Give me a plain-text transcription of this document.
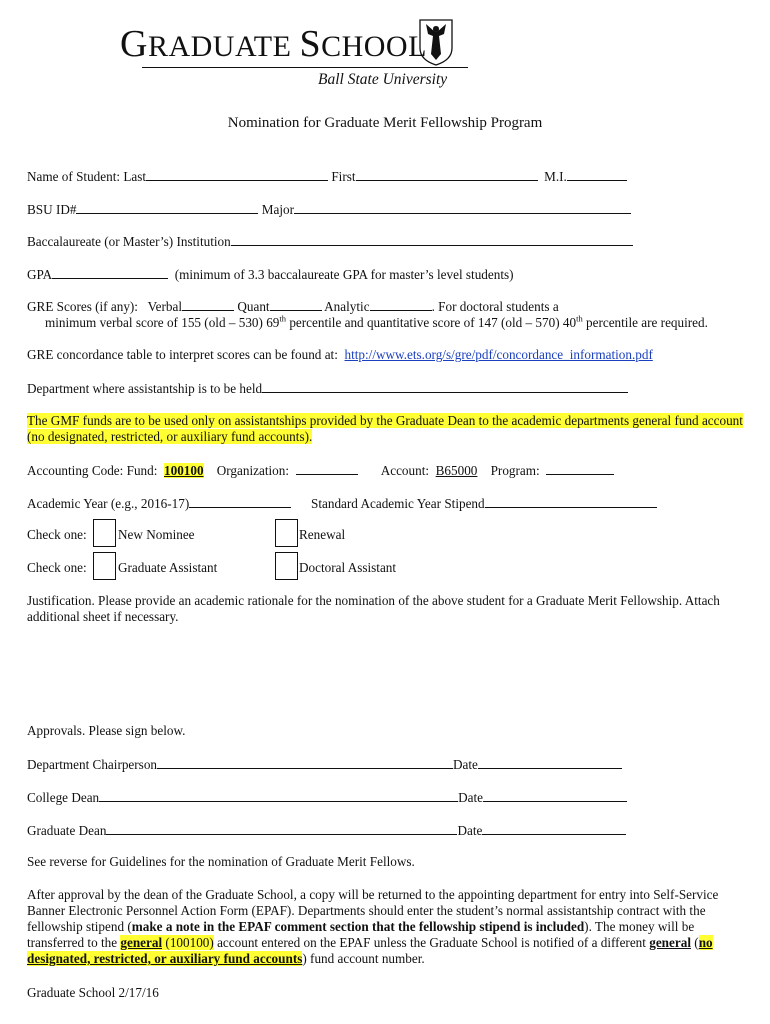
GRADUATE SCHOOL
Ball State University
Nomination for Graduate Merit Fellowship Program
Name of Student: Last	First	M.I.
BSU ID#	Major
Baccalaureate (or Master’s) Institution
GPA	(minimum of 3.3 baccalaureate GPA for master’s level students)
GRE Scores (if any): Verbal	Quant	Analytic	. For doctoral students a
minimum verbal score of 155 (old – 530) 69th percentile and quantitative score of 147 (old – 570) 40th percentile are required.
GRE concordance table to interpret scores can be found at: http://www.ets.org/s/gre/pdf/concordance_information.pdf
Department where assistantship is to be held
The GMF funds are to be used only on assistantships provided by the Graduate Dean to the academic departments general fund account (no designated, restricted, or auxiliary fund accounts).
Accounting Code: Fund: 100100 Organization:	Account: B65000 Program:
Academic Year (e.g., 2016-17)	Standard Academic Year Stipend
Check one: New Nominee	Renewal
Check one: Graduate Assistant	Doctoral Assistant
Justification. Please provide an academic rationale for the nomination of the above student for a Graduate Merit Fellowship. Attach additional sheet if necessary.
Approvals. Please sign below.
Department Chairperson	Date
College Dean	Date
Graduate Dean	Date
See reverse for Guidelines for the nomination of Graduate Merit Fellows.
After approval by the dean of the Graduate School, a copy will be returned to the appointing department for entry into Self-Service Banner Electronic Personnel Action Form (EPAF). Departments should enter the student’s normal assistantship contract with the fellowship stipend (make a note in the EPAF comment section that the fellowship stipend is included). The money will be transferred to the general (100100) account entered on the EPAF unless the Graduate School is notified of a different general (no designated, restricted, or auxiliary fund accounts) fund account number.
Graduate School 2/17/16
